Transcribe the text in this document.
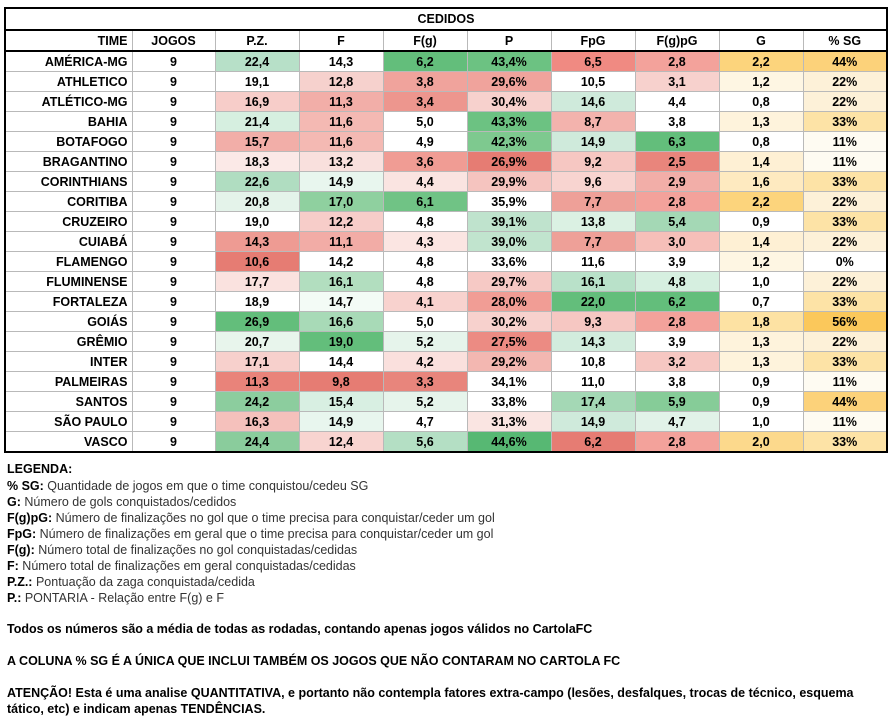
CEDIDOS									
TIME	JOGOS	P.Z.	F	F(g)	P	FpG	F(g)pG	G	% SG
AMÉRICA-MG	9	22,4	14,3	6,2	43,4%	6,5	2,8	2,2	44%
ATHLETICO	9	19,1	12,8	3,8	29,6%	10,5	3,1	1,2	22%
ATLÉTICO-MG	9	16,9	11,3	3,4	30,4%	14,6	4,4	0,8	22%
BAHIA	9	21,4	11,6	5,0	43,3%	8,7	3,8	1,3	33%
BOTAFOGO	9	15,7	11,6	4,9	42,3%	14,9	6,3	0,8	11%
BRAGANTINO	9	18,3	13,2	3,6	26,9%	9,2	2,5	1,4	11%
CORINTHIANS	9	22,6	14,9	4,4	29,9%	9,6	2,9	1,6	33%
CORITIBA	9	20,8	17,0	6,1	35,9%	7,7	2,8	2,2	22%
CRUZEIRO	9	19,0	12,2	4,8	39,1%	13,8	5,4	0,9	33%
CUIABÁ	9	14,3	11,1	4,3	39,0%	7,7	3,0	1,4	22%
FLAMENGO	9	10,6	14,2	4,8	33,6%	11,6	3,9	1,2	0%
FLUMINENSE	9	17,7	16,1	4,8	29,7%	16,1	4,8	1,0	22%
FORTALEZA	9	18,9	14,7	4,1	28,0%	22,0	6,2	0,7	33%
GOIÁS	9	26,9	16,6	5,0	30,2%	9,3	2,8	1,8	56%
GRÊMIO	9	20,7	19,0	5,2	27,5%	14,3	3,9	1,3	22%
INTER	9	17,1	14,4	4,2	29,2%	10,8	3,2	1,3	33%
PALMEIRAS	9	11,3	9,8	3,3	34,1%	11,0	3,8	0,9	11%
SANTOS	9	24,2	15,4	5,2	33,8%	17,4	5,9	0,9	44%
SÃO PAULO	9	16,3	14,9	4,7	31,3%	14,9	4,7	1,0	11%
VASCO	9	24,4	12,4	5,6	44,6%	6,2	2,8	2,0	33%
LEGENDA:
% SG: Quantidade de jogos em que o time conquistou/cedeu SG
G: Número de gols conquistados/cedidos
F(g)pG: Número de finalizações no gol que o time precisa para conquistar/ceder um gol
FpG: Número de finalizações em geral que o time precisa para conquistar/ceder um gol
F(g): Número total de finalizações no gol conquistadas/cedidas
F: Número total de finalizações em geral conquistadas/cedidas
P.Z.: Pontuação da zaga conquistada/cedida
P.: PONTARIA - Relação entre F(g) e F
Todos os números são a média de todas as rodadas, contando apenas jogos válidos no CartolaFC
A COLUNA % SG É A ÚNICA QUE INCLUI TAMBÉM OS JOGOS QUE NÃO CONTARAM NO CARTOLA FC
ATENÇÃO! Esta é uma analise QUANTITATIVA, e portanto não contempla fatores extra-campo (lesões, desfalques, trocas de técnico, esquema tático, etc) e indicam apenas TENDÊNCIAS.
